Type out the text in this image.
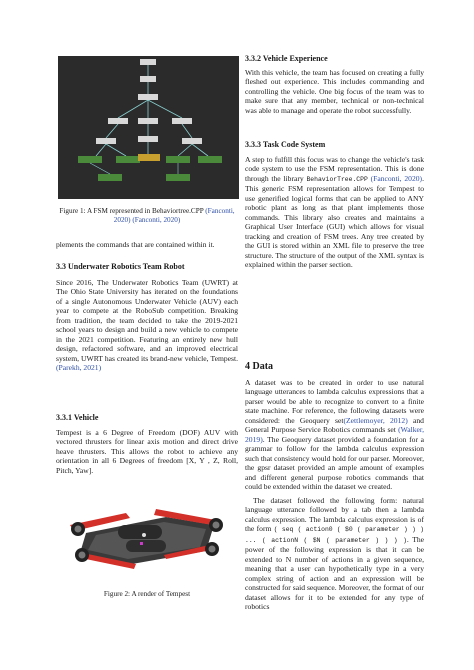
Figure 1: A FSM represented in Behaviortree.CPP (Fanconti, 2020) (Fanconti, 2020)

plements the commands that are contained within it.

3.3 Underwater Robotics Team Robot

Since 2016, The Underwater Robotics Team (UWRT) at The Ohio State University has iterated on the foundations of a single Autonomous Underwater Vehicle (AUV) each year to compete at the RoboSub competition. Breaking from tradition, the team decided to take the 2019-2021 school years to design and build a new vehicle to compete in the 2021 competition. Featuring an entirely new hull design, refactored software, and an improved electrical system, UWRT has created its brand-new vehicle, Tempest. (Parekh, 2021)

3.3.1 Vehicle

Tempest is a 6 Degree of Freedom (DOF) AUV with vectored thrusters for linear axis motion and direct drive heave thrusters. This allows the robot to achieve any orientation in all 6 Degrees of freedom [X, Y , Z, Roll, Pitch, Yaw].

Figure 2: A render of Tempest

3.3.2 Vehicle Experience

With this vehicle, the team has focused on creating a fully fleshed out experience. This includes commanding and controlling the vehicle. One big focus of the team was to make sure that any member, technical or non-technical was able to manage and operate the robot successfully.

3.3.3 Task Code System

A step to fulfill this focus was to change the vehicle's task code system to use the FSM representation. This is done through the library BehaviorTree.CPP (Fanconti, 2020). This generic FSM representation allows for Tempest to use generified logical forms that can be applied to ANY robotic plant as long as that plant implements those commands. This library also creates and maintains a Graphical User Interface (GUI) which allows for visual tracking and creation of FSM trees. Any tree created by the GUI is stored within an XML file to preserve the tree structure. The structure of the output of the XML syntax is explained within the parser section.

4 Data

A dataset was to be created in order to use natural language utterances to lambda calculus expressions that a parser would be able to recognize to convert to a finite state machine. For reference, the following datasets were considered: the Geoquery set(Zettlemoyer, 2012) and General Purpose Service Robotics commands set (Walker, 2019). The Geoquery dataset provided a foundation for a grammar to follow for the lambda calculus expression such that consistency would hold for our parser. Moreover, the gpsr dataset provided an ample amount of examples and different general purpose robotics commands that could be extended within the dataset we created.

The dataset followed the following form: natural language utterance followed by a tab then a lambda calculus expression. The lambda calculus expression is of the form ( seq ( action0 ( $0 ( parameter ) ) ) ... ( actionN ( $N ( parameter ) ) ) ). The power of the following expression is that it can be extended to N number of actions in a given sequence, meaning that a user can hypothetically type in a very complex string of action and an expression will be constructed for said sequence. Moreover, the format of our dataset allows for it to be extended for any type of robotics
